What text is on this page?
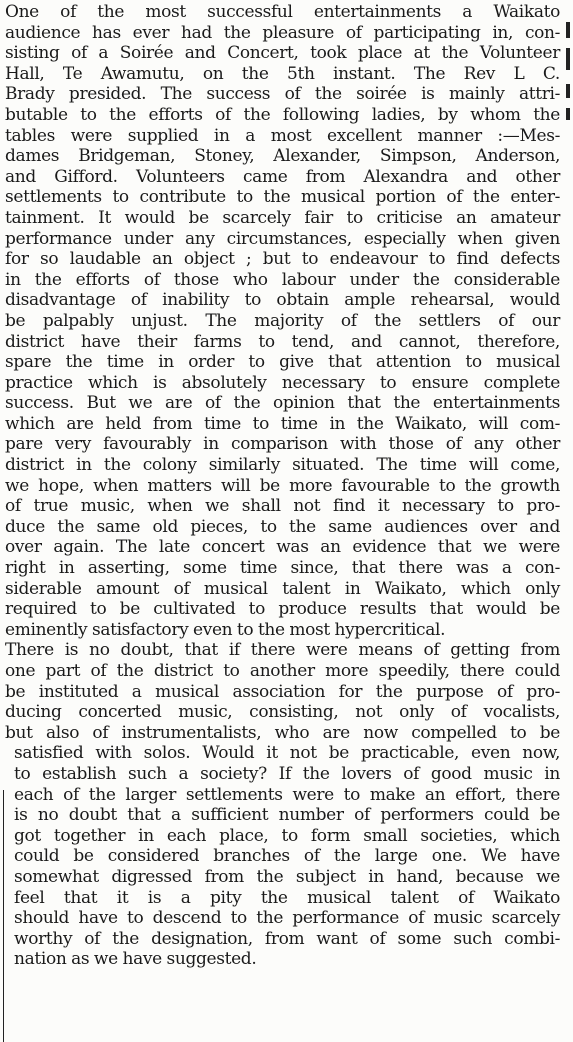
One of the most successful entertainments a Waikato
audience has ever had the pleasure of participating in, con-
sisting of a Soirée and Concert, took place at the Volunteer
Hall, Te Awamutu, on the 5th instant. The Rev L C.
Brady presided. The success of the soirée is mainly attri-
butable to the efforts of the following ladies, by whom the
tables were supplied in a most excellent manner :—Mes-
dames Bridgeman, Stoney, Alexander, Simpson, Anderson,
and Gifford. Volunteers came from Alexandra and other
settlements to contribute to the musical portion of the enter-
tainment. It would be scarcely fair to criticise an amateur
performance under any circumstances, especially when given
for so laudable an object ; but to endeavour to find defects
in the efforts of those who labour under the considerable
disadvantage of inability to obtain ample rehearsal, would
be palpably unjust. The majority of the settlers of our
district have their farms to tend, and cannot, therefore,
spare the time in order to give that attention to musical
practice which is absolutely necessary to ensure complete
success. But we are of the opinion that the entertainments
which are held from time to time in the Waikato, will com-
pare very favourably in comparison with those of any other
district in the colony similarly situated. The time will come,
we hope, when matters will be more favourable to the growth
of true music, when we shall not find it necessary to pro-
duce the same old pieces, to the same audiences over and
over again. The late concert was an evidence that we were
right in asserting, some time since, that there was a con-
siderable amount of musical talent in Waikato, which only
required to be cultivated to produce results that would be
eminently satisfactory even to the most hypercritical.
There is no doubt, that if there were means of getting from
one part of the district to another more speedily, there could
be instituted a musical association for the purpose of pro-
ducing concerted music, consisting, not only of vocalists,
but also of instrumentalists, who are now compelled to be
satisfied with solos. Would it not be practicable, even now,
to establish such a society? If the lovers of good music in
each of the larger settlements were to make an effort, there
is no doubt that a sufficient number of performers could be
got together in each place, to form small societies, which
could be considered branches of the large one. We have
somewhat digressed from the subject in hand, because we
feel that it is a pity the musical talent of Waikato
should have to descend to the performance of music scarcely
worthy of the designation, from want of some such combi-
nation as we have suggested.
